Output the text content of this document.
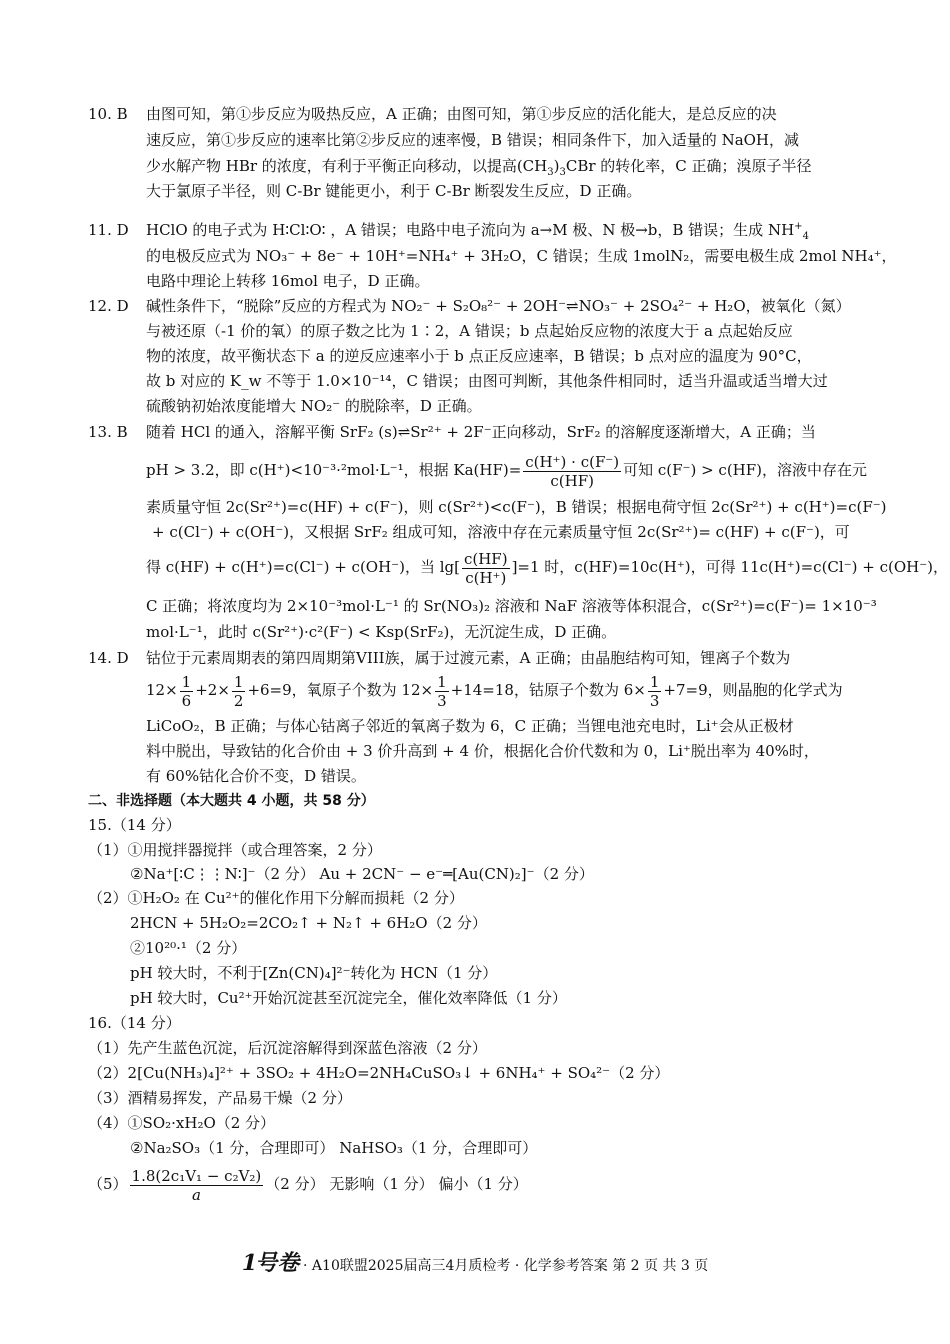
10. B 由图可知，第①步反应为吸热反应，A 正确；由图可知，第①步反应的活化能大，是总反应的决
速反应，第①步反应的速率比第②步反应的速率慢，B 错误；相同条件下，加入适量的 NaOH，减
少水解产物 HBr 的浓度，有利于平衡正向移动，以提高$(CH_3)_3CBr$ 的转化率，C 正确；溴原子半径
大于氯原子半径，则 C-Br 键能更小，利于 C-Br 断裂发生反应，D 正确。
11. D HClO 的电子式为 H∶Cl∶O∶ ，A 错误；电路中电子流向为 a→M 极、N 极→b，B 错误；生成 $NH^+_4$
的电极反应式为 NO₃⁻ + 8e⁻ + 10H⁺=NH₄⁺ + 3H₂O，C 错误；生成 1molN₂，需要电极生成 2mol NH₄⁺，
电路中理论上转移 16mol 电子，D 正确。
12. D 碱性条件下，“脱除”反应的方程式为 NO₂⁻ + S₂O₈²⁻ + 2OH⁻⇌NO₃⁻ + 2SO₄²⁻ + H₂O，被氧化（氮）
与被还原（-1 价的氧）的原子数之比为 1∶2，A 错误；b 点起始反应物的浓度大于 a 点起始反应
物的浓度，故平衡状态下 a 的逆反应速率小于 b 点正反应速率，B 错误；b 点对应的温度为 90°C，
故 b 对应的 K_w 不等于 1.0×10⁻¹⁴，C 错误；由图可判断，其他条件相同时，适当升温或适当增大过
硫酸钠初始浓度能增大 NO₂⁻ 的脱除率，D 正确。
13. B 随着 HCl 的通入，溶解平衡 SrF₂ (s)⇌Sr²⁺ + 2F⁻正向移动，SrF₂ 的溶解度逐渐增大，A 正确；当
pH > 3.2，即 c(H⁺)<10⁻³·²mol·L⁻¹，根据 $Ka(HF)= \frac{c(H^+) \cdot c(F^-)}{c(HF)}$ 可知 c(F⁻) > c(HF)，溶液中存在元
素质量守恒 2c(Sr²⁺)=c(HF) + c(F⁻)，则 c(Sr²⁺)<c(F⁻)，B 错误；根据电荷守恒 2c(Sr²⁺) + c(H⁺)=c(F⁻)
+ c(Cl⁻) + c(OH⁻)，又根据 SrF₂ 组成可知，溶液中存在元素质量守恒 2c(Sr²⁺)= c(HF) + c(F⁻)，可
得 c(HF) + c(H⁺)=c(Cl⁻) + c(OH⁻)，当 $\lg[ \frac{c(HF)}{c(H^+)} ]=1$ 时，c(HF)=10c(H⁺)，可得 11c(H⁺)=c(Cl⁻) + c(OH⁻)，
C 正确；将浓度均为 2×10⁻³mol·L⁻¹ 的 Sr(NO₃)₂ 溶液和 NaF 溶液等体积混合，c(Sr²⁺)=c(F⁻)= 1×10⁻³
mol·L⁻¹，此时 c(Sr²⁺)·c²(F⁻) < Ksp(SrF₂)，无沉淀生成，D 正确。
14. D 钴位于元素周期表的第四周期第VIII族，属于过渡元素，A 正确；由晶胞结构可知，锂离子个数为
$12\times \frac{1}{6} +2\times \frac{1}{2} +6=9$，氧原子个数为 $12\times \frac{1}{3} +14=18$，钴原子个数为 $6\times \frac{1}{3} +7=9$，则晶胞的化学式为
LiCoO₂，B 正确；与体心钴离子邻近的氧离子数为 6，C 正确；当锂电池充电时，Li⁺会从正极材
料中脱出，导致钴的化合价由 + 3 价升高到 + 4 价，根据化合价代数和为 0，Li⁺脱出率为 40%时，
有 60%钴化合价不变，D 错误。
二、非选择题（本大题共 4 小题，共 58 分）
15.（14 分）
（1）①用搅拌器搅拌（或合理答案，2 分）
②Na⁺[∶C⋮⋮N∶]⁻（2 分） Au + 2CN⁻ − e⁻═[Au(CN)₂]⁻（2 分）
（2）①H₂O₂ 在 Cu²⁺的催化作用下分解而损耗（2 分）
2HCN + 5H₂O₂=2CO₂↑ + N₂↑ + 6H₂O（2 分）
②10²⁰·¹（2 分）
pH 较大时，不利于[Zn(CN)₄]²⁻转化为 HCN（1 分）
pH 较大时，Cu²⁺开始沉淀甚至沉淀完全，催化效率降低（1 分）
16.（14 分）
（1）先产生蓝色沉淀，后沉淀溶解得到深蓝色溶液（2 分）
（2）2[Cu(NH₃)₄]²⁺ + 3SO₂ + 4H₂O=2NH₄CuSO₃↓ + 6NH₄⁺ + SO₄²⁻（2 分）
（3）酒精易挥发，产品易干燥（2 分）
（4）①SO₂·xH₂O（2 分）
②Na₂SO₃（1 分，合理即可） NaHSO₃（1 分，合理即可）
$(5) \frac{\text{1.8(2c₁V₁ − c₂V₂)}}{a} (2$ 分） 无影响（1 分） 偏小（1 分）
1号卷· A10联盟2025届高三4月质检考 · 化学参考答案 第 2 页 共 3 页
